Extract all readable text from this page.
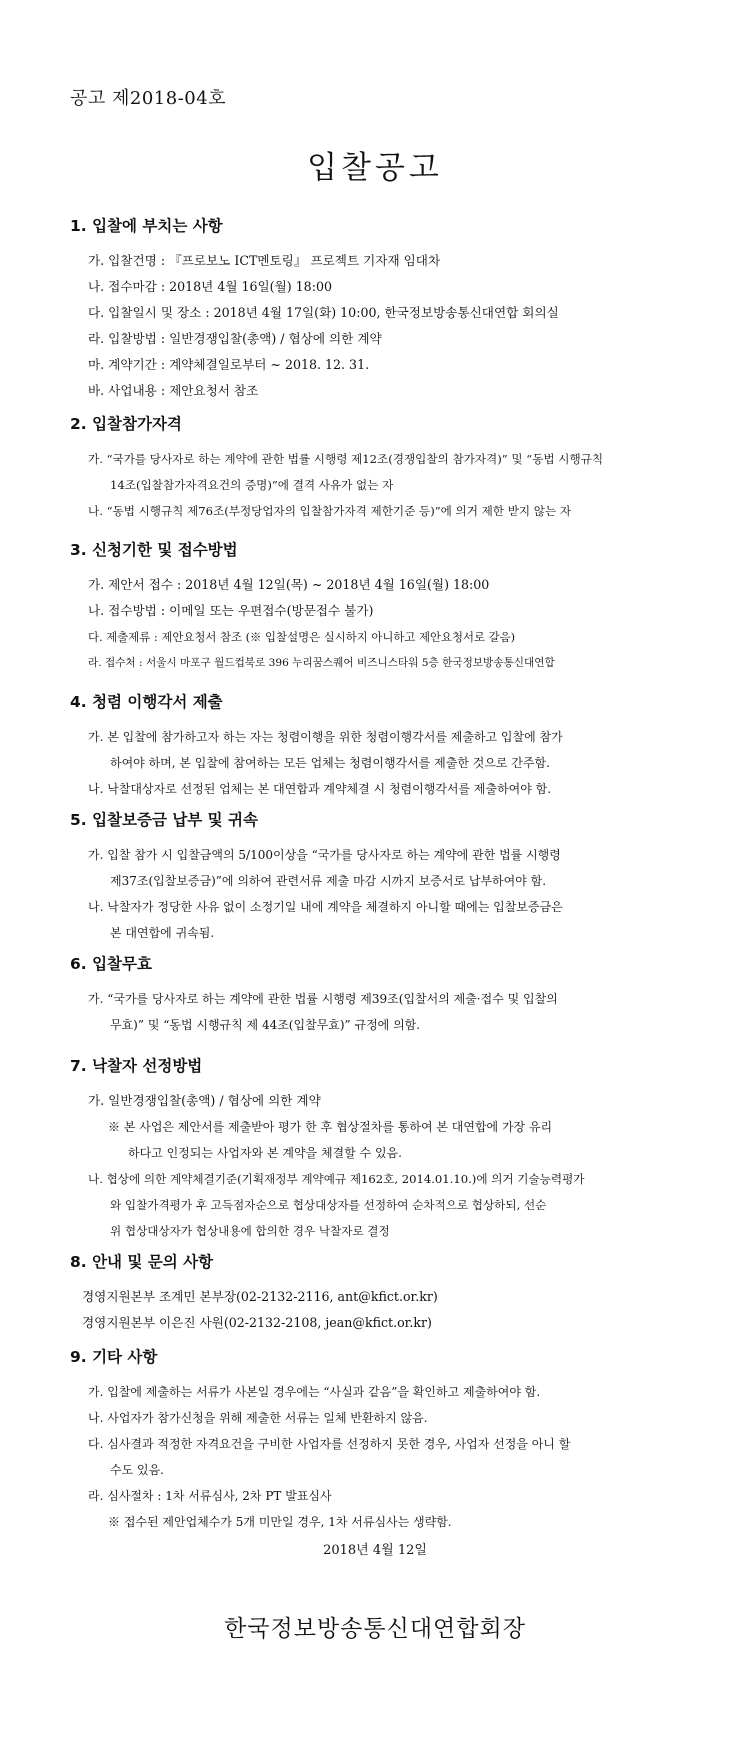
공고 제2018-04호
입찰공고
1. 입찰에 부치는 사항
가. 입찰건명 : 『프로보노 ICT멘토링』 프로젝트 기자재 임대차
나. 접수마감 : 2018년 4월 16일(월) 18:00
다. 입찰일시 및 장소 : 2018년 4월 17일(화) 10:00, 한국정보방송통신대연합 회의실
라. 입찰방법 : 일반경쟁입찰(총액) / 협상에 의한 계약
마. 계약기간 : 계약체결일로부터 ~ 2018. 12. 31.
바. 사업내용 : 제안요청서 참조
2. 입찰참가자격
가. “국가를 당사자로 하는 계약에 관한 법률 시행령 제12조(경쟁입찰의 참가자격)” 및 “동법 시행규칙
14조(입찰참가자격요건의 증명)”에 결격 사유가 없는 자
나. “동법 시행규칙 제76조(부정당업자의 입찰참가자격 제한기준 등)”에 의거 제한 받지 않는 자
3. 신청기한 및 접수방법
가. 제안서 접수 : 2018년 4월 12일(목) ~ 2018년 4월 16일(월) 18:00
나. 접수방법 : 이메일 또는 우편접수(방문접수 불가)
다. 제출제류 : 제안요청서 참조 (※ 입찰설명은 실시하지 아니하고 제안요청서로 갈음)
라. 접수처 : 서울시 마포구 월드컵북로 396 누리꿈스퀘어 비즈니스타워 5층 한국정보방송통신대연합
4. 청렴 이행각서 제출
가. 본 입찰에 참가하고자 하는 자는 청렴이행을 위한 청렴이행각서를 제출하고 입찰에 참가
하여야 하며, 본 입찰에 참여하는 모든 업체는 청렴이행각서를 제출한 것으로 간주함.
나. 낙찰대상자로 선정된 업체는 본 대연합과 계약체결 시 청렴이행각서를 제출하여야 함.
5. 입찰보증금 납부 및 귀속
가. 입찰 참가 시 입찰금액의 5/100이상을 “국가를 당사자로 하는 계약에 관한 법률 시행령
제37조(입찰보증금)”에 의하여 관련서류 제출 마감 시까지 보증서로 납부하여야 함.
나. 낙찰자가 정당한 사유 없이 소정기일 내에 계약을 체결하지 아니할 때에는 입찰보증금은
본 대연합에 귀속됨.
6. 입찰무효
가. “국가를 당사자로 하는 계약에 관한 법률 시행령 제39조(입찰서의 제출·접수 및 입찰의
무효)” 및 “동법 시행규칙 제 44조(입찰무효)” 규정에 의함.
7. 낙찰자 선정방법
가. 일반경쟁입찰(총액) / 협상에 의한 계약
※ 본 사업은 제안서를 제출받아 평가 한 후 협상절차를 통하여 본 대연합에 가장 유리
하다고 인정되는 사업자와 본 계약을 체결할 수 있음.
나. 협상에 의한 계약체결기준(기획재정부 계약예규 제162호, 2014.01.10.)에 의거 기술능력평가
와 입찰가격평가 후 고득점자순으로 협상대상자를 선정하여 순차적으로 협상하되, 선순
위 협상대상자가 협상내용에 합의한 경우 낙찰자로 결정
8. 안내 및 문의 사항
경영지원본부 조계민 본부장(02-2132-2116, ant@kfict.or.kr)
경영지원본부 이은진 사원(02-2132-2108, jean@kfict.or.kr)
9. 기타 사항
가. 입찰에 제출하는 서류가 사본일 경우에는 “사실과 같음”을 확인하고 제출하여야 함.
나. 사업자가 참가신청을 위해 제출한 서류는 일체 반환하지 않음.
다. 심사결과 적정한 자격요건을 구비한 사업자를 선정하지 못한 경우, 사업자 선정을 아니 할
수도 있음.
라. 심사절차 : 1차 서류심사, 2차 PT 발표심사
※ 접수된 제안업체수가 5개 미만일 경우, 1차 서류심사는 생략함.
2018년 4월 12일
한국정보방송통신대연합회장
